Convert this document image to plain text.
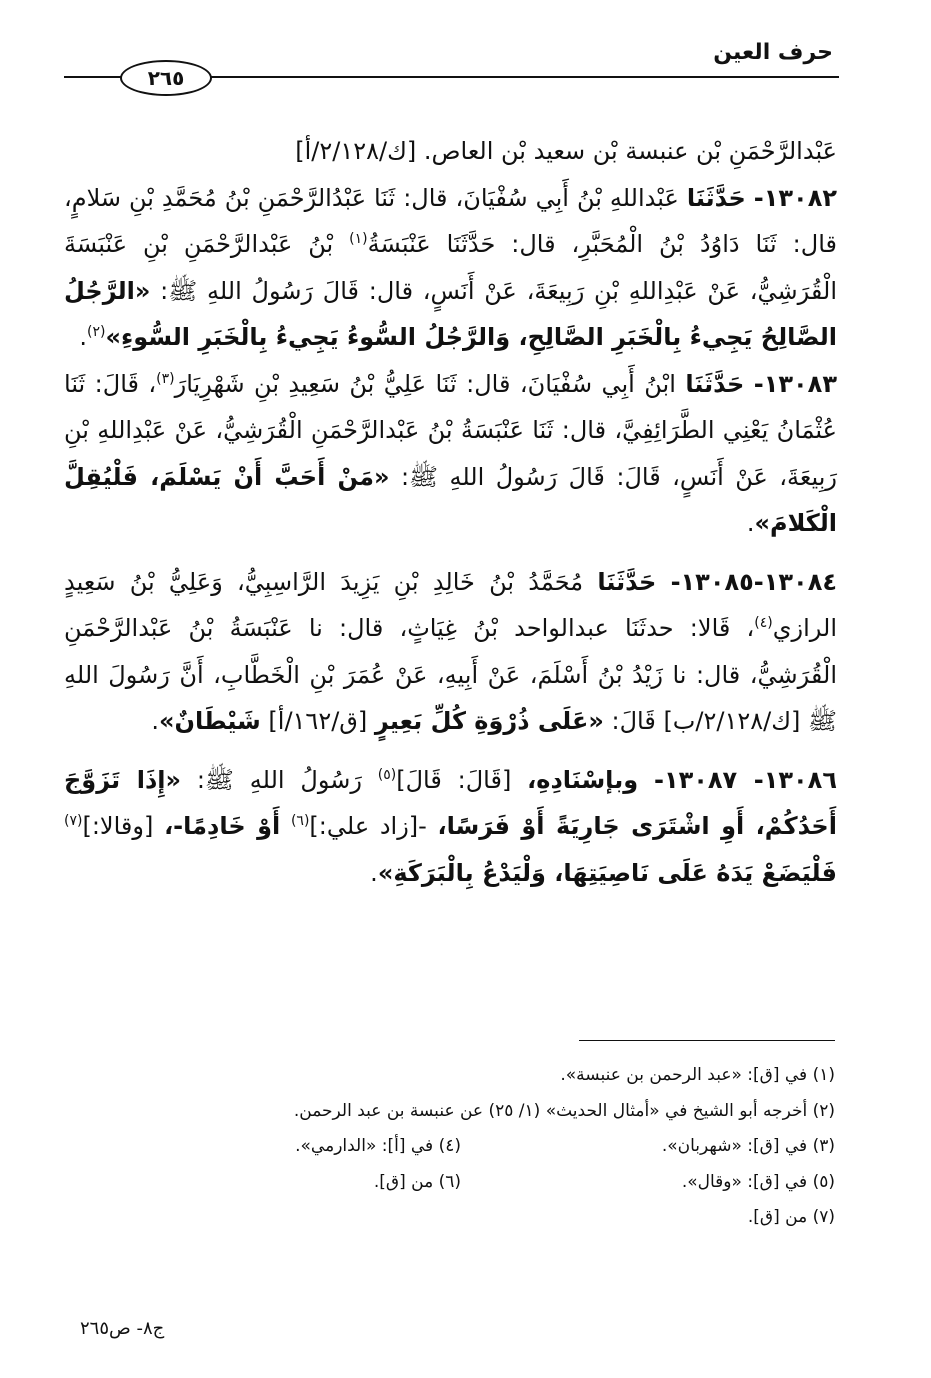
حرف العين
٢٦٥

عَبْدالرَّحْمَنِ بْن عنبسة بْن سعيد بْن العاص. [ك/٢/١٢٨/أ]

١٣٠٨٢- حَدَّثَنَا عَبْداللهِ بْنُ أَبِي سُفْيَانَ، قال: ثَنَا عَبْدُالرَّحْمَنِ بْنُ مُحَمَّدِ بْنِ سَلامٍ، قال: ثَنَا دَاوُدُ بْنُ الْمُحَبَّرِ، قال: حَدَّثَنَا عَنْبَسَةُ$^{(١)}$ بْنُ عَبْدالرَّحْمَنِ بْنِ عَنْبَسَةَ الْقُرَشِيُّ، عَنْ عَبْدِاللهِ بْنِ رَبِيعَةَ، عَنْ أَنَسٍ، قال: قَالَ رَسُولُ اللهِ ﷺ: «الرَّجُلُ الصَّالِحُ يَجِيءُ بِالْخَبَرِ الصَّالِحِ، وَالرَّجُلُ السُّوءُ يَجِيءُ بِالْخَبَرِ السُّوءِ»$^{(٢)}$.

١٣٠٨٣- حَدَّثَنَا ابْنُ أَبِي سُفْيَانَ، قال: ثَنَا عَلِيُّ بْنُ سَعِيدِ بْنِ شَهْرِيَارَ$^{(٣)}$، قَالَ: ثَنَا عُثْمَانُ يَعْنِي الطَّرَائِفِيَّ، قال: ثَنَا عَنْبَسَةُ بْنُ عَبْدالرَّحْمَنِ الْقُرَشِيُّ، عَنْ عَبْدِاللهِ بْنِ رَبِيعَةَ، عَنْ أَنَسٍ، قَالَ: قَالَ رَسُولُ اللهِ ﷺ: «مَنْ أَحَبَّ أَنْ يَسْلَمَ، فَلْيُقِلَّ الْكَلامَ».

١٣٠٨٤-١٣٠٨٥- حَدَّثَنَا مُحَمَّدُ بْنُ خَالِدِ بْنِ يَزِيدَ الرَّاسِبِيُّ، وَعَلِيُّ بْنُ سَعِيدٍ الرازي$^{(٤)}$، قَالا: حدثَنَا عبدالواحد بْنُ غِيَاثٍ، قال: نا عَنْبَسَةُ بْنُ عَبْدالرَّحْمَنِ الْقُرَشِيُّ، قال: نا زَيْدُ بْنُ أَسْلَمَ، عَنْ أَبِيهِ، عَنْ عُمَرَ بْنِ الْخَطَّابِ، أَنَّ رَسُولَ اللهِ ﷺ [ك/٢/١٢٨/ب] قَالَ: «عَلَى ذُرْوَةِ كُلِّ بَعِيرٍ [ق/١٦٢/أ] شَيْطَانٌ».

١٣٠٨٦- ١٣٠٨٧- وبإسْنَادِهِ، [قَالَ: قَالَ]$^{(٥)}$ رَسُولُ اللهِ ﷺ: «إِذَا تَزَوَّجَ أَحَدُكُمْ، أَوِ اشْتَرَى جَارِيَةً أَوْ فَرَسًا، -[زاد علي:]$^{(٦)}$ أَوْ خَادِمًا-، [وقالا:]$^{(٧)}$ فَلْيَضَعْ يَدَهُ عَلَى نَاصِيَتِهَا، وَلْيَدْعُ بِالْبَرَكَةِ».

(١) في [ق]: «عبد الرحمن بن عنبسة».
(٢) أخرجه أبو الشيخ في «أمثال الحديث» (١/ ٢٥) عن عنبسة بن عبد الرحمن.
(٣) في [ق]: «شهربان».
(٤) في [أ]: «الدارمي».
(٥) في [ق]: «وقال».
(٦) من [ق].
(٧) من [ق].
ج٨- ص٢٦٥
